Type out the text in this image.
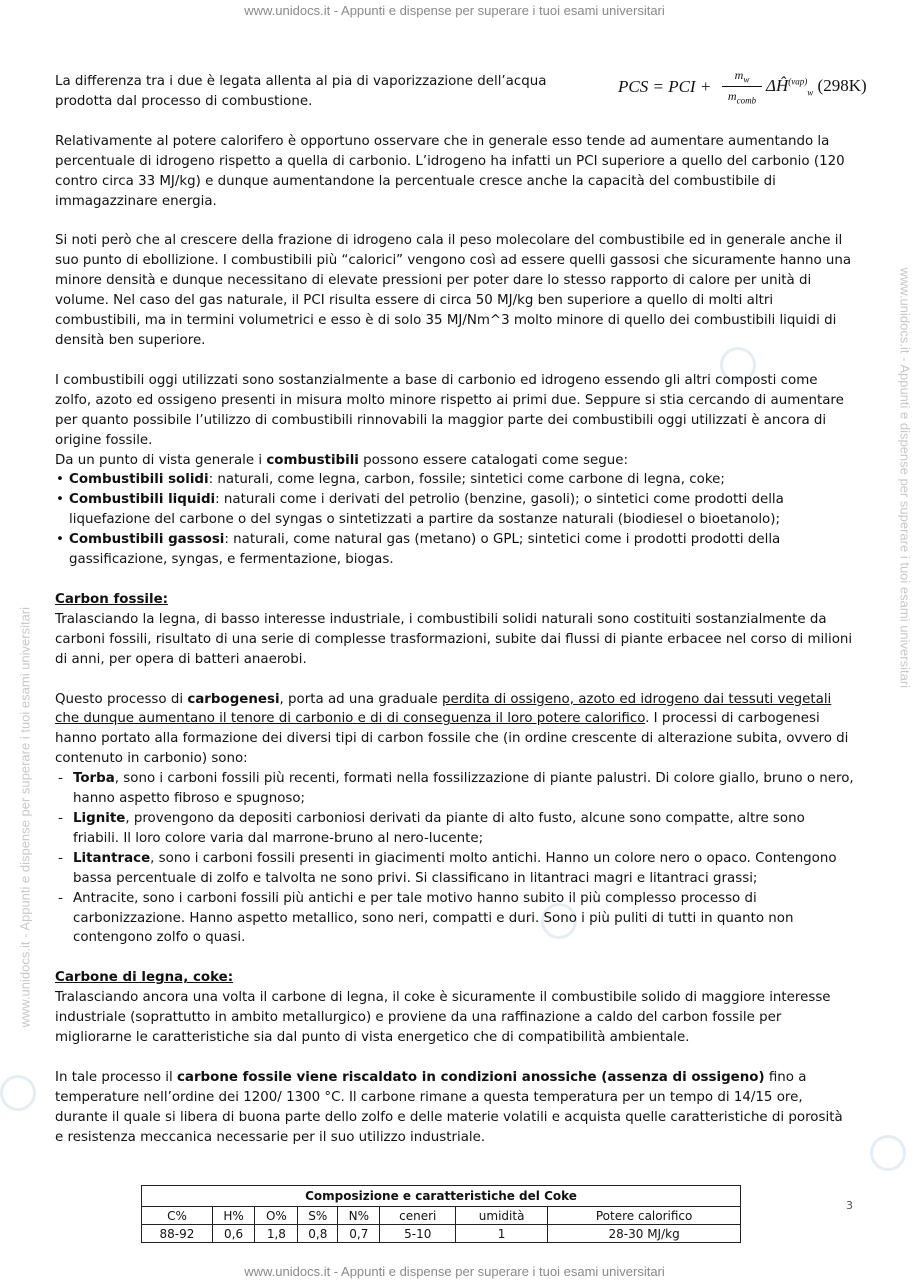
www.unidocs.it - Appunti e dispense per superare i tuoi esami universitari
www.unidocs.it - Appunti e dispense per superare i tuoi esami universitari
www.unidocs.it - Appunti e dispense per superare i tuoi esami universitari
www.unidocs.it - Appunti e dispense per superare i tuoi esami universitari
PCS = PCI +
$m_w$
$m_{comb}$
$\Delta Ĥ^{(vap)}_w$ (298K)

La differenza tra i due è legata allenta al pia di vaporizzazione dell’acqua
prodotta dal processo di combustione.

Relativamente al potere calorifero è opportuno osservare che in generale esso tende ad aumentare aumentando la percentuale di idrogeno rispetto a quella di carbonio. L’idrogeno ha infatti un PCI superiore a quello del carbonio (120 contro circa 33 MJ/kg) e dunque aumentandone la percentuale cresce anche la capacità del combustibile di immagazzinare energia.

Si noti però che al crescere della frazione di idrogeno cala il peso molecolare del combustibile ed in generale anche il suo punto di ebollizione. I combustibili più “calorici” vengono così ad essere quelli gassosi che sicuramente hanno una minore densità e dunque necessitano di elevate pressioni per poter dare lo stesso rapporto di calore per unità di volume. Nel caso del gas naturale, il PCI risulta essere di circa 50 MJ/kg ben superiore a quello di molti altri combustibili, ma in termini volumetrici e esso è di solo 35 MJ/Nm^3 molto minore di quello dei combustibili liquidi di densità ben superiore.

I combustibili oggi utilizzati sono sostanzialmente a base di carbonio ed idrogeno essendo gli altri composti come zolfo, azoto ed ossigeno presenti in misura molto minore rispetto ai primi due. Seppure si stia cercando di aumentare per quanto possibile l’utilizzo di combustibili rinnovabili la maggior parte dei combustibili oggi utilizzati è ancora di origine fossile.

Da un punto di vista generale i combustibili possono essere catalogati come segue:

• Combustibili solidi: naturali, come legna, carbon, fossile; sintetici come carbone di legna, coke;
• Combustibili liquidi: naturali come i derivati del petrolio (benzine, gasoli); o sintetici come prodotti della liquefazione del carbone o del syngas o sintetizzati a partire da sostanze naturali (biodiesel o bioetanolo);
• Combustibili gassosi: naturali, come natural gas (metano) o GPL; sintetici come i prodotti prodotti della gassificazione, syngas, e fermentazione, biogas.

Carbon fossile:

Tralasciando la legna, di basso interesse industriale, i combustibili solidi naturali sono costituiti sostanzialmente da carboni fossili, risultato di una serie di complesse trasformazioni, subite dai flussi di piante erbacee nel corso di milioni di anni, per opera di batteri anaerobi.

Questo processo di carbogenesi, porta ad una graduale perdita di ossigeno, azoto ed idrogeno dai tessuti vegetali che dunque aumentano il tenore di carbonio e di di conseguenza il loro potere calorifico. I processi di carbogenesi hanno portato alla formazione dei diversi tipi di carbon fossile che (in ordine crescente di alterazione subita, ovvero di contenuto in carbonio) sono:

- Torba, sono i carboni fossili più recenti, formati nella fossilizzazione di piante palustri. Di colore giallo, bruno o nero, hanno aspetto fibroso e spugnoso;
- Lignite, provengono da depositi carboniosi derivati da piante di alto fusto, alcune sono compatte, altre sono friabili. Il loro colore varia dal marrone-bruno al nero-lucente;
- Litantrace, sono i carboni fossili presenti in giacimenti molto antichi. Hanno un colore nero o opaco. Contengono bassa percentuale di zolfo e talvolta ne sono privi. Si classificano in litantraci magri e litantraci grassi;
- Antracite, sono i carboni fossili più antichi e per tale motivo hanno subito il più complesso processo di carbonizzazione. Hanno aspetto metallico, sono neri, compatti e duri. Sono i più puliti di tutti in quanto non contengono zolfo o quasi.

Carbone di legna, coke:

Tralasciando ancora una volta il carbone di legna, il coke è sicuramente il combustibile solido di maggiore interesse industriale (soprattutto in ambito metallurgico) e proviene da una raffinazione a caldo del carbon fossile per migliorarne le caratteristiche sia dal punto di vista energetico che di compatibilità ambientale.

In tale processo il carbone fossile viene riscaldato in condizioni anossiche (assenza di ossigeno) fino a temperature nell’ordine dei 1200/ 1300 °C. Il carbone rimane a questa temperatura per un tempo di 14/15 ore, durante il quale si libera di buona parte dello zolfo e delle materie volatili e acquista quelle caratteristiche di porosità e resistenza meccanica necessarie per il suo utilizzo industriale.

Composizione e caratteristiche del Coke							
C%	H%	O%	S%	N%	ceneri	umidità	Potere calorifico
88-92	0,6	1,8	0,8	0,7	5-10	1	28-30 MJ/kg
3
